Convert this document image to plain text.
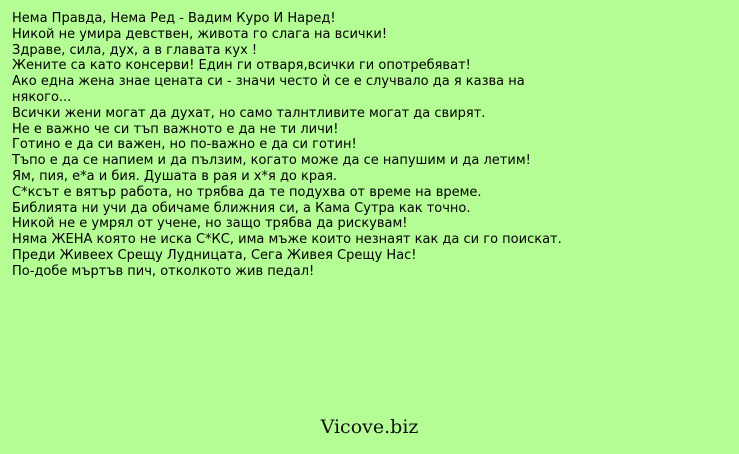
Нема Правда, Нема Ред - Вадим Куро И Наред!
Никой не умира девствен, живота го слага на всички!
Здраве, сила, дух, а в главата кух !
Жените са като консерви! Един ги отваря,всички ги опотребяват!
Ако една жена знае цената си - значи често ѝ се е случвало да я казва на някого...
Всички жени могат да духат, но само талнтливите могат да свирят.
Не е важно че си тъп важното е да не ти личи!
Готино е да си важен, но по-важно е да си готин!
Тъпо е да се напием и да пълзим, когато може да се напушим и да летим!
Ям, пия, е*а и бия. Душата в рая и х*я до края.
С*ксът е вятър работа, но трябва да те подухва от време на време.
Библията ни учи да обичаме ближния си, а Кама Сутра как точно.
Никой не е умрял от учене, но защо трябва да рискувам!
Няма ЖЕНА която не иска С*КС, има мъже които незнаят как да си го поискат.
Преди Живеех Срещу Лудницата, Сега Живея Срещу Нас!
По-добе мъртъв пич, отколкото жив педал!
Vicove.biz
